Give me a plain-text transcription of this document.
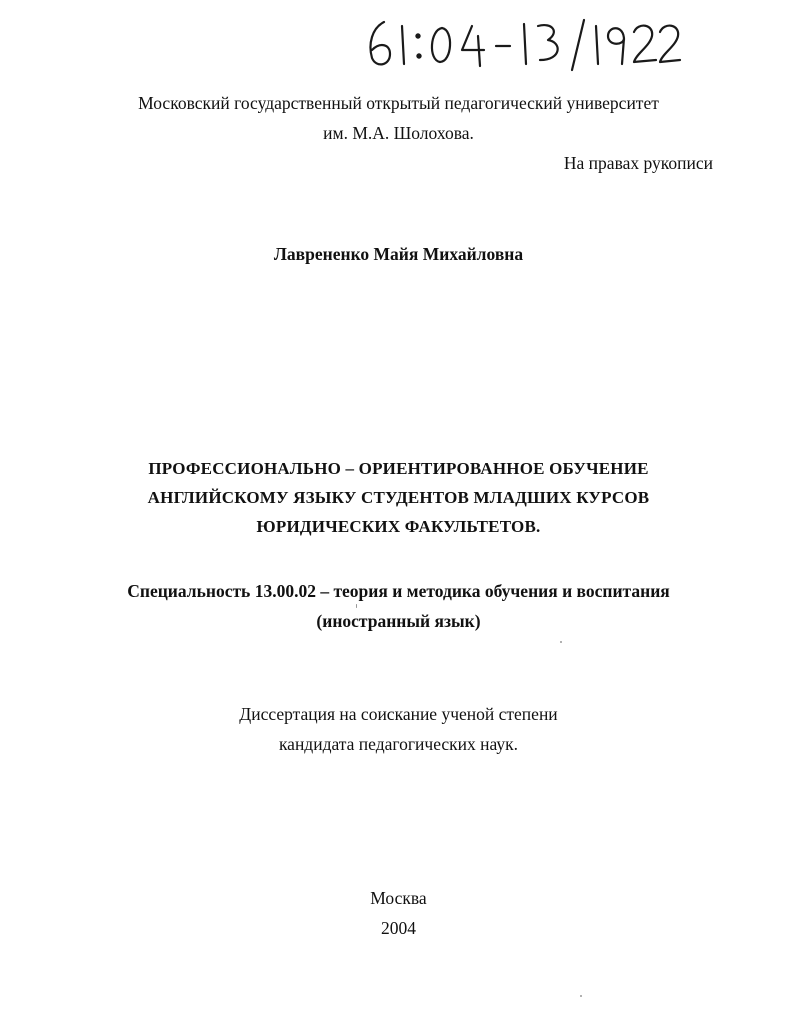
Московский государственный открытый педагогический университет
им. М.А. Шолохова.
На правах рукописи
Лаврененко Майя Михайловна
ПРОФЕССИОНАЛЬНО – ОРИЕНТИРОВАННОЕ ОБУЧЕНИЕ
АНГЛИЙСКОМУ ЯЗЫКУ СТУДЕНТОВ МЛАДШИХ КУРСОВ
ЮРИДИЧЕСКИХ ФАКУЛЬТЕТОВ.
Специальность 13.00.02 – теория и методика обучения и воспитания
(иностранный язык)
Диссертация на соискание ученой степени
кандидата педагогических наук.
Москва
2004
